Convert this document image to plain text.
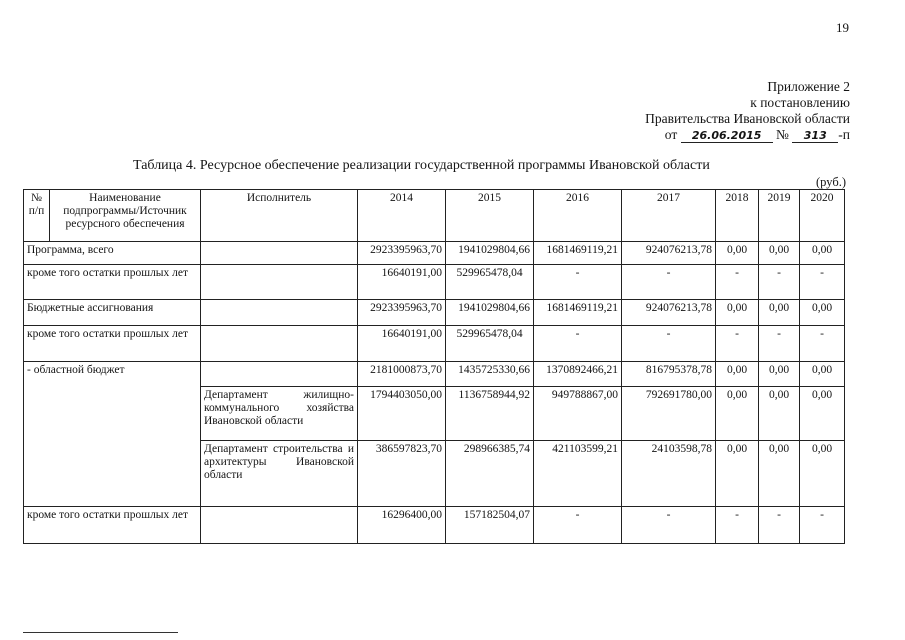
19
Приложение 2
к постановлению
Правительства Ивановской области
от 26.06.2015 № 313 -п
Таблица 4. Ресурсное обеспечение реализации государственной программы Ивановской области
(руб.)
№ п/п	Наименование подпрограммы/Источник ресурсного обеспечения	Исполнитель	2014	2015	2016	2017	2018	2019	2020
Программа, всего			2923395963,70	1941029804,66	1681469119,21	924076213,78	0,00	0,00	0,00
кроме того остатки прошлых лет			16640191,00	529965478,04	-	-	-	-	-
Бюджетные ассигнования			2923395963,70	1941029804,66	1681469119,21	924076213,78	0,00	0,00	0,00
кроме того остатки прошлых лет			16640191,00	529965478,04	-	-	-	-	-
- областной бюджет			2181000873,70	1435725330,66	1370892466,21	816795378,78	0,00	0,00	0,00
		Департамент жилищно-коммунального хозяйства Ивановской области	1794403050,00	1136758944,92	949788867,00	792691780,00	0,00	0,00	0,00
		Департамент строительства и архитектуры Ивановской области	386597823,70	298966385,74	421103599,21	24103598,78	0,00	0,00	0,00
кроме того остатки прошлых лет			16296400,00	157182504,07	-	-	-	-	-
